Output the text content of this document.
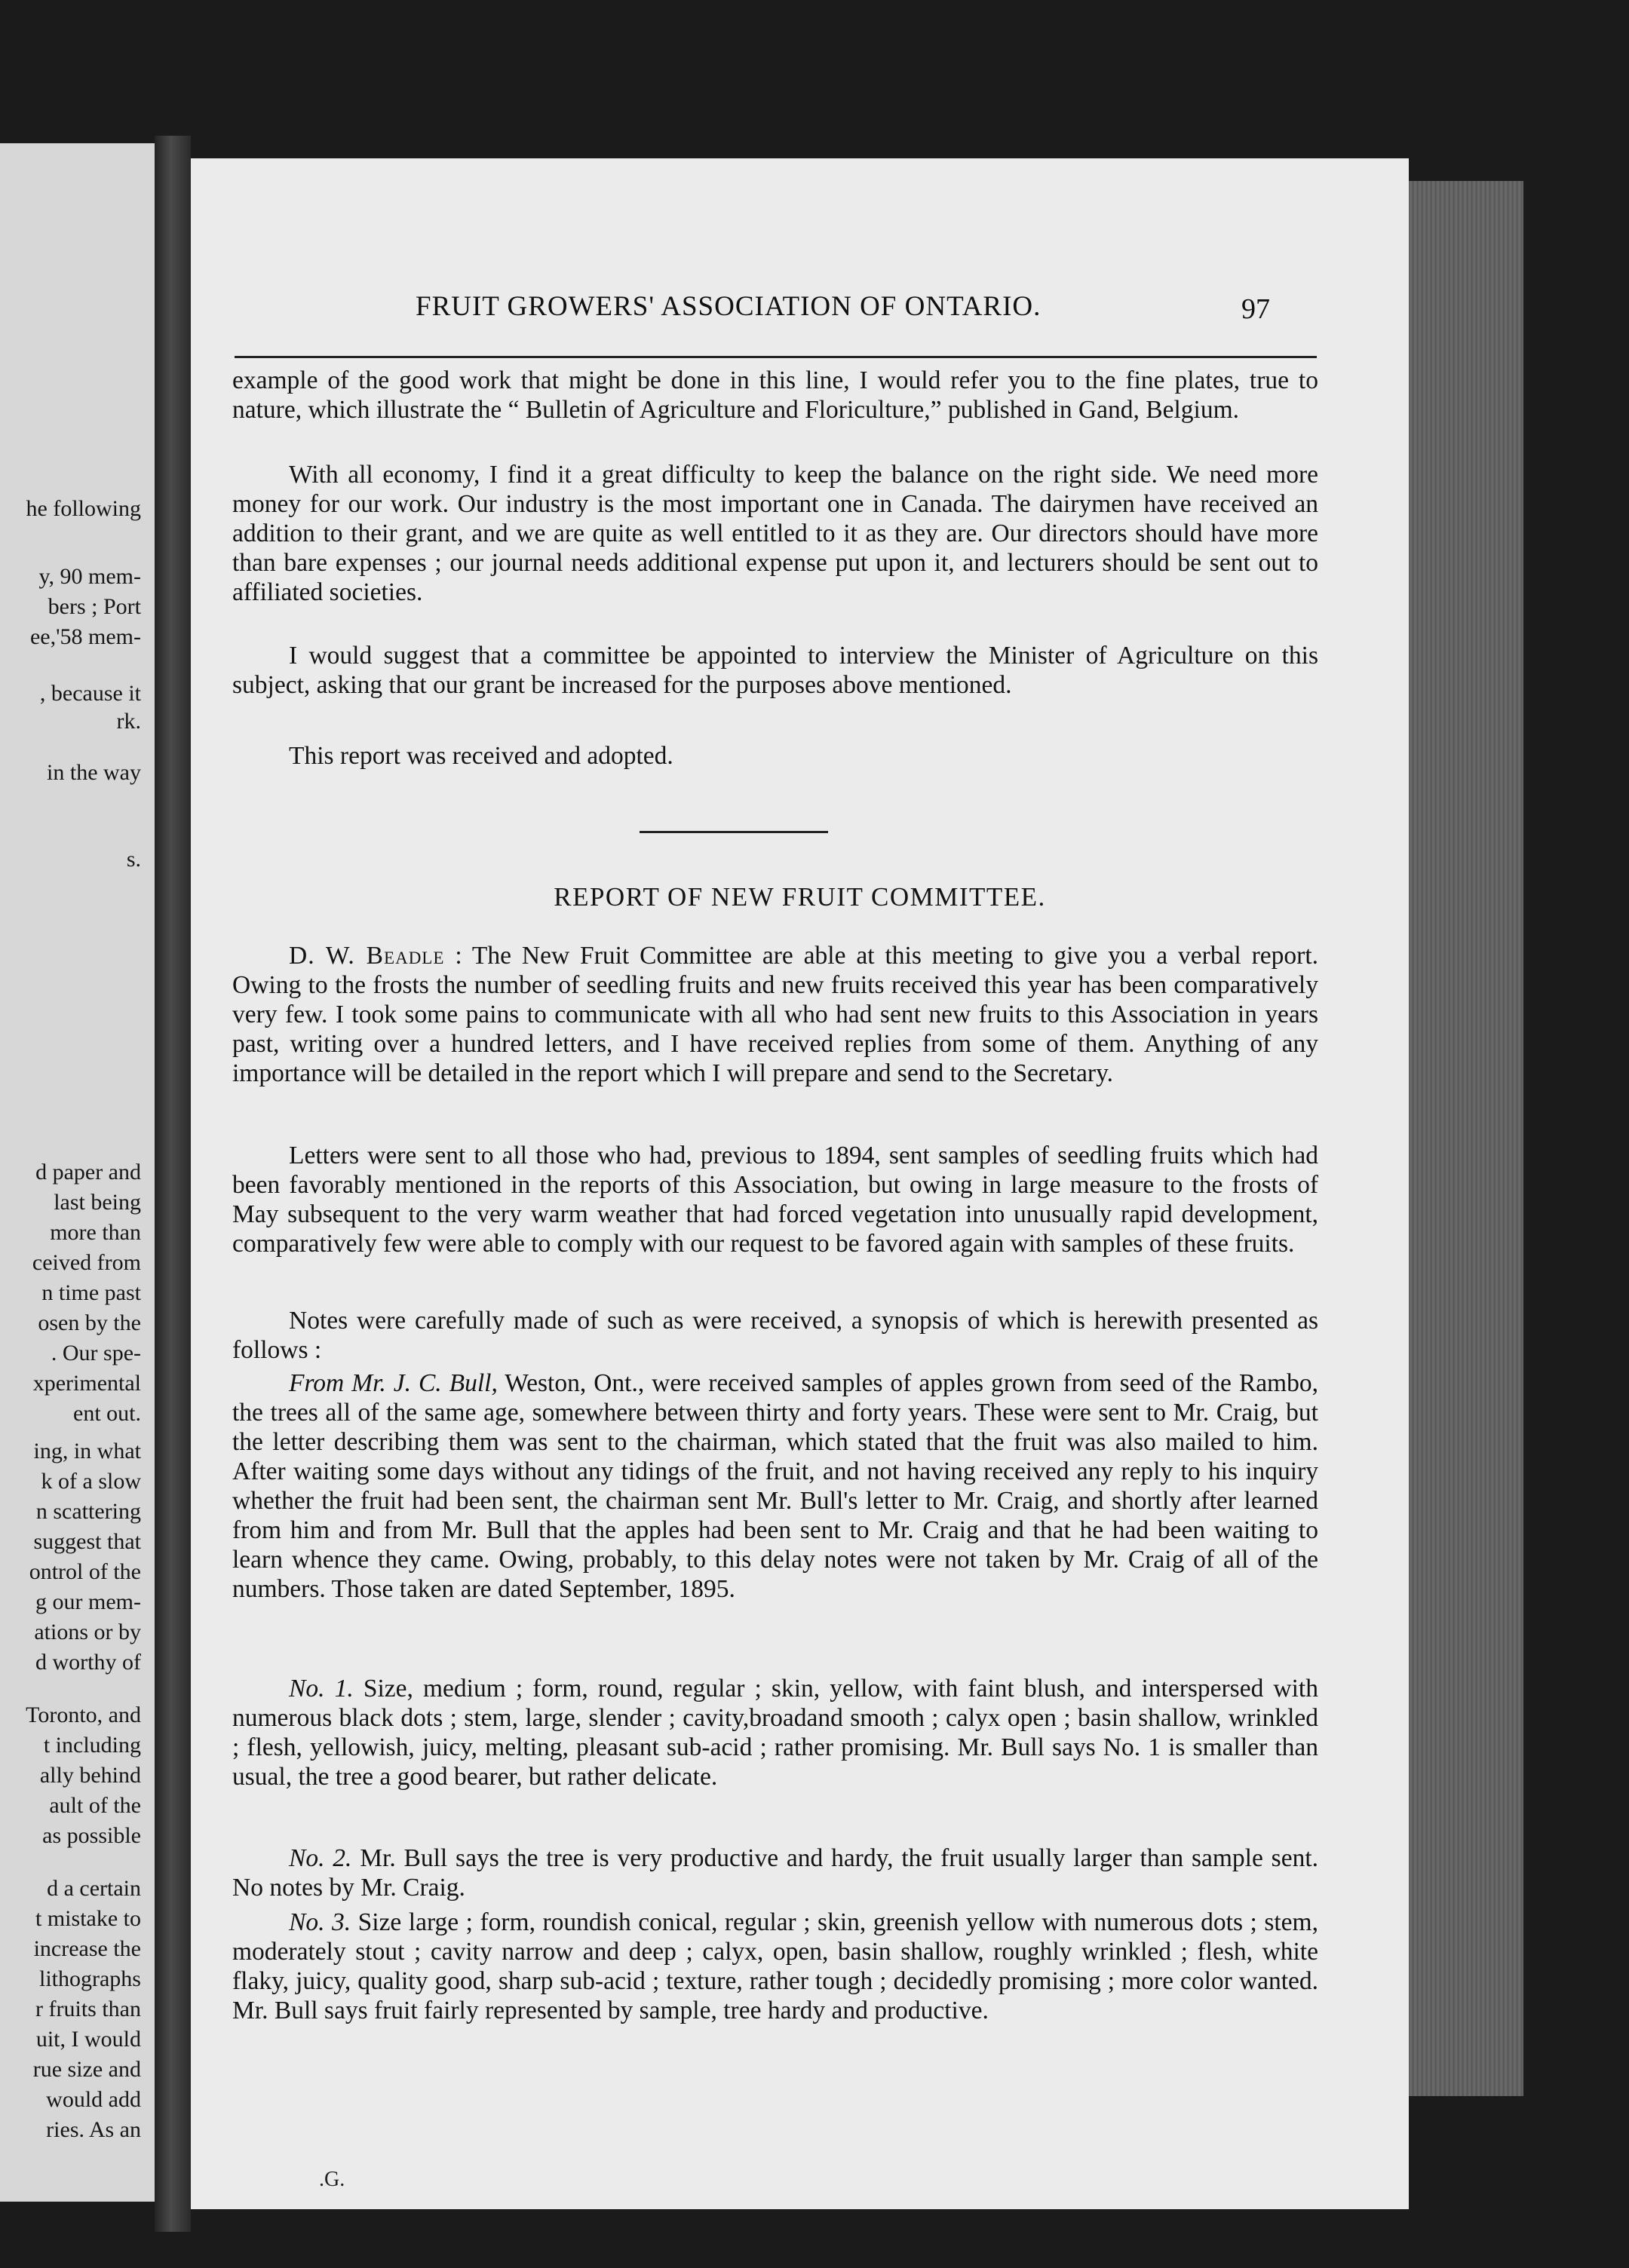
he following
y, 90 mem-
bers ; Port
ee,'58 mem-
, because it
rk.
in the way
s.
d paper and
last being
more than
ceived from
n time past
osen by the
. Our spe-
xperimental
ent out.
ing, in what
k of a slow
n scattering
suggest that
ontrol of the
g our mem-
ations or by
d worthy of
Toronto, and
t including
ally behind
ault of the
as possible
d a certain
t mistake to
increase the
lithographs
r fruits than
uit, I would
rue size and
would add
ries. As an
FRUIT GROWERS' ASSOCIATION OF ONTARIO.	97

example of the good work that might be done in this line, I would refer you to the fine plates, true to nature, which illustrate the “ Bulletin of Agriculture and Floriculture,” published in Gand, Belgium.

With all economy, I find it a great difficulty to keep the balance on the right side. We need more money for our work. Our industry is the most important one in Canada. The dairymen have received an addition to their grant, and we are quite as well entitled to it as they are. Our directors should have more than bare expenses ; our journal needs additional expense put upon it, and lecturers should be sent out to affiliated societies.

I would suggest that a committee be appointed to interview the Minister of Agriculture on this subject, asking that our grant be increased for the purposes above mentioned.

This report was received and adopted.

REPORT OF NEW FRUIT COMMITTEE.

D. W. Beadle : The New Fruit Committee are able at this meeting to give you a verbal report. Owing to the frosts the number of seedling fruits and new fruits received this year has been comparatively very few. I took some pains to communicate with all who had sent new fruits to this Association in years past, writing over a hundred letters, and I have received replies from some of them. Anything of any importance will be detailed in the report which I will prepare and send to the Secretary.

Letters were sent to all those who had, previous to 1894, sent samples of seedling fruits which had been favorably mentioned in the reports of this Association, but owing in large measure to the frosts of May subsequent to the very warm weather that had forced vegetation into unusually rapid development, comparatively few were able to comply with our request to be favored again with samples of these fruits.

Notes were carefully made of such as were received, a synopsis of which is herewith presented as follows :

From Mr. J. C. Bull, Weston, Ont., were received samples of apples grown from seed of the Rambo, the trees all of the same age, somewhere between thirty and forty years. These were sent to Mr. Craig, but the letter describing them was sent to the chairman, which stated that the fruit was also mailed to him. After waiting some days without any tidings of the fruit, and not having received any reply to his inquiry whether the fruit had been sent, the chairman sent Mr. Bull's letter to Mr. Craig, and shortly after learned from him and from Mr. Bull that the apples had been sent to Mr. Craig and that he had been waiting to learn whence they came. Owing, probably, to this delay notes were not taken by Mr. Craig of all of the numbers. Those taken are dated September, 1895.

No. 1. Size, medium ; form, round, regular ; skin, yellow, with faint blush, and interspersed with numerous black dots ; stem, large, slender ; cavity,broadand smooth ; calyx open ; basin shallow, wrinkled ; flesh, yellowish, juicy, melting, pleasant sub-acid ; rather promising. Mr. Bull says No. 1 is smaller than usual, the tree a good bearer, but rather delicate.

No. 2. Mr. Bull says the tree is very productive and hardy, the fruit usually larger than sample sent. No notes by Mr. Craig.

No. 3. Size large ; form, roundish conical, regular ; skin, greenish yellow with numerous dots ; stem, moderately stout ; cavity narrow and deep ; calyx, open, basin shallow, roughly wrinkled ; flesh, white flaky, juicy, quality good, sharp sub-acid ; texture, rather tough ; decidedly promising ; more color wanted. Mr. Bull says fruit fairly represented by sample, tree hardy and productive.

.G.
